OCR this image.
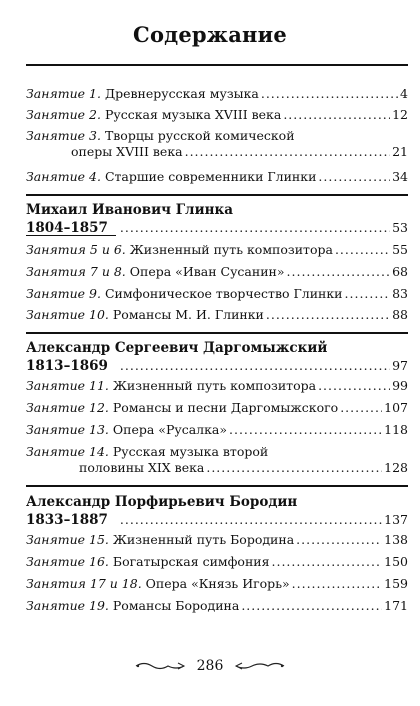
Содержание
Занятие 1. Древнерусская музыка .....	4
Занятие 2. Русская музыка XVIII века .....	12
Занятие 3. Творцы русской комической
оперы XVIII века .....	21
Занятие 4. Старшие современники Глинки .....	34
Михаил Иванович Глинка
1804–1857 .....	53
Занятия 5 и 6. Жизненный путь композитора .....	55
Занятия 7 и 8. Опера «Иван Сусанин» .....	68
Занятие 9. Симфоническое творчество Глинки .....	83
Занятие 10. Романсы М. И. Глинки .....	88
Александр Сергеевич Даргомыжский
1813–1869 .....	97
Занятие 11. Жизненный путь композитора .....	99
Занятие 12. Романсы и песни Даргомыжского .....	107
Занятие 13. Опера «Русалка» .....	118
Занятие 14. Русская музыка второй
половины XIX века .....	128
Александр Порфирьевич Бородин
1833–1887 .....	137
Занятие 15. Жизненный путь Бородина .....	138
Занятие 16. Богатырская симфония .....	150
Занятия 17 и 18. Опера «Князь Игорь» .....	159
Занятие 19. Романсы Бородина .....	171
286
